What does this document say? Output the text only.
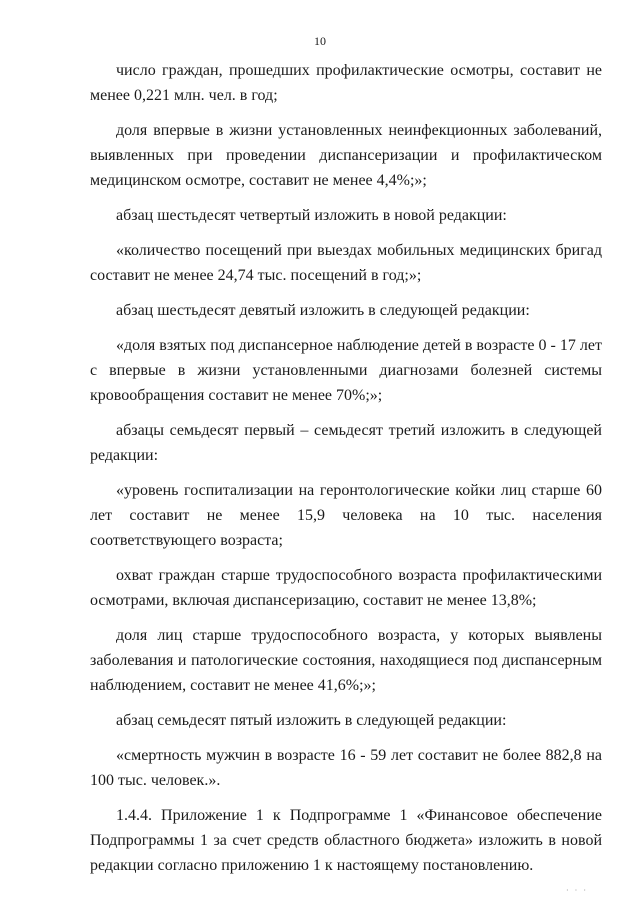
10

число граждан, прошедших профилактические осмотры, составит не менее 0,221 млн. чел. в год;

доля впервые в жизни установленных неинфекционных заболеваний, выявленных при проведении диспансеризации и профилактическом медицинском осмотре, составит не менее 4,4%;»;

абзац шестьдесят четвертый изложить в новой редакции:

«количество посещений при выездах мобильных медицинских бригад составит не менее 24,74 тыс. посещений в год;»;

абзац шестьдесят девятый изложить в следующей редакции:

«доля взятых под диспансерное наблюдение детей в возрасте 0 - 17 лет с впервые в жизни установленными диагнозами болезней системы кровообращения составит не менее 70%;»;

абзацы семьдесят первый – семьдесят третий изложить в следующей редакции:

«уровень госпитализации на геронтологические койки лиц старше 60 лет составит не менее 15,9 человека на 10 тыс. населения соответствующего возраста;

охват граждан старше трудоспособного возраста профилактическими осмотрами, включая диспансеризацию, составит не менее 13,8%;

доля лиц старше трудоспособного возраста, у которых выявлены заболевания и патологические состояния, находящиеся под диспансерным наблюдением, составит не менее 41,6%;»;

абзац семьдесят пятый изложить в следующей редакции:

«смертность мужчин в возрасте 16 - 59 лет составит не более 882,8 на 100 тыс. человек.».

1.4.4. Приложение 1 к Подпрограмме 1 «Финансовое обеспечение Подпрограммы 1 за счет средств областного бюджета» изложить в новой редакции согласно приложению 1 к настоящему постановлению.

· · ·
